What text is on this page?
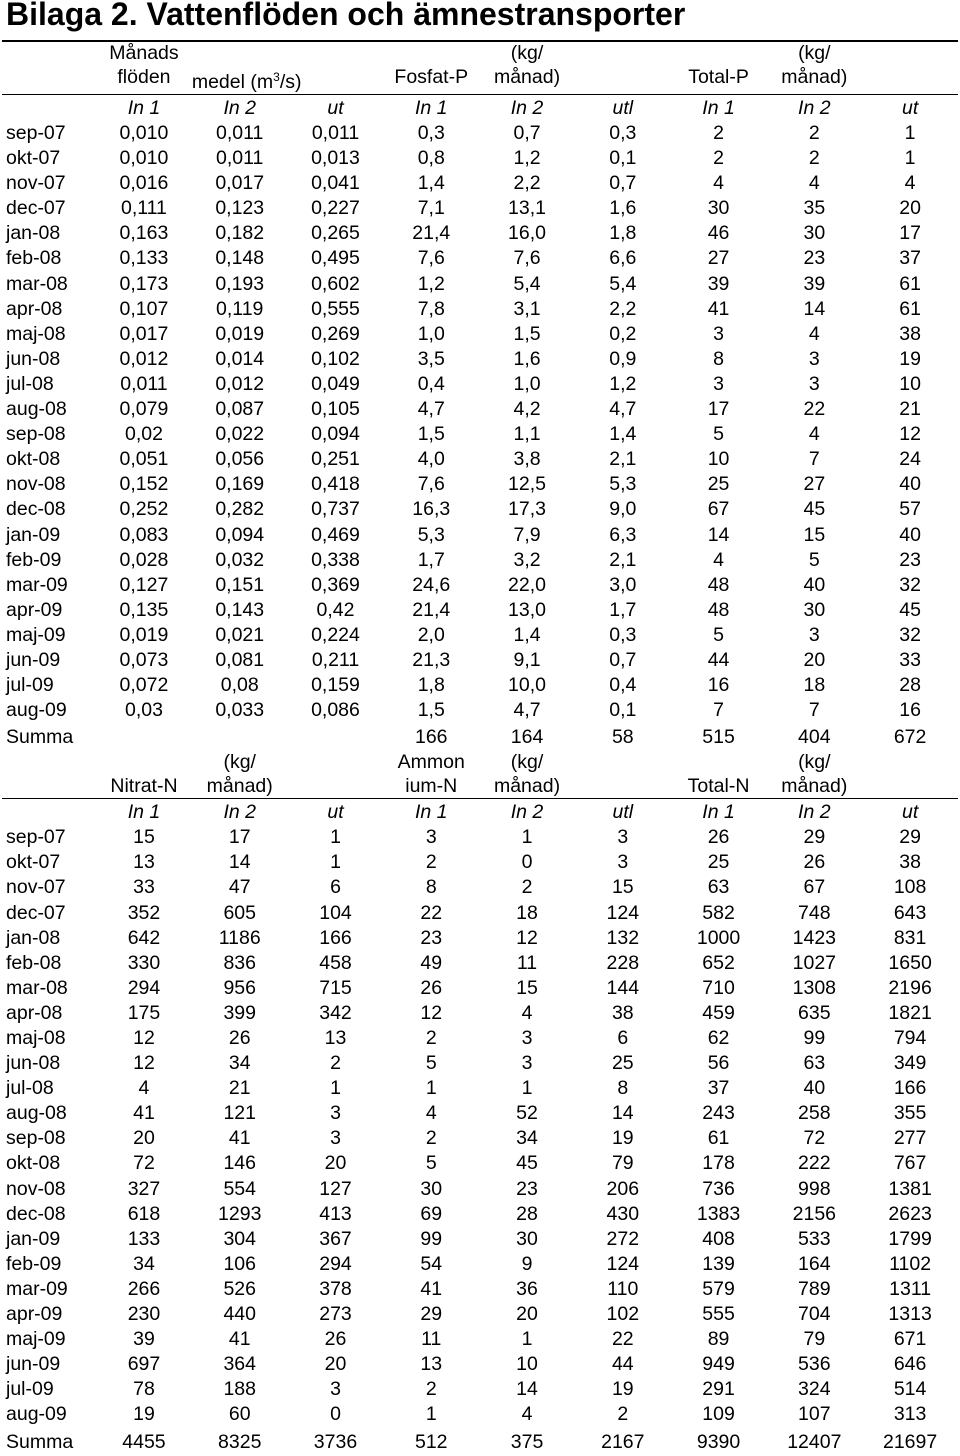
Bilaga 2. Vattenflöden och ämnestransporter
	Månads				(kg/			(kg/	
	flöden	medel $(m^3/s)$		Fosfat-P	månad)		Total-P	månad)	
	In 1	In 2	ut	In 1	In 2	utl	In 1	In 2	ut
sep-07	0,010	0,011	0,011	0,3	0,7	0,3	2	2	1
okt-07	0,010	0,011	0,013	0,8	1,2	0,1	2	2	1
nov-07	0,016	0,017	0,041	1,4	2,2	0,7	4	4	4
dec-07	0,111	0,123	0,227	7,1	13,1	1,6	30	35	20
jan-08	0,163	0,182	0,265	21,4	16,0	1,8	46	30	17
feb-08	0,133	0,148	0,495	7,6	7,6	6,6	27	23	37
mar-08	0,173	0,193	0,602	1,2	5,4	5,4	39	39	61
apr-08	0,107	0,119	0,555	7,8	3,1	2,2	41	14	61
maj-08	0,017	0,019	0,269	1,0	1,5	0,2	3	4	38
jun-08	0,012	0,014	0,102	3,5	1,6	0,9	8	3	19
jul-08	0,011	0,012	0,049	0,4	1,0	1,2	3	3	10
aug-08	0,079	0,087	0,105	4,7	4,2	4,7	17	22	21
sep-08	0,02	0,022	0,094	1,5	1,1	1,4	5	4	12
okt-08	0,051	0,056	0,251	4,0	3,8	2,1	10	7	24
nov-08	0,152	0,169	0,418	7,6	12,5	5,3	25	27	40
dec-08	0,252	0,282	0,737	16,3	17,3	9,0	67	45	57
jan-09	0,083	0,094	0,469	5,3	7,9	6,3	14	15	40
feb-09	0,028	0,032	0,338	1,7	3,2	2,1	4	5	23
mar-09	0,127	0,151	0,369	24,6	22,0	3,0	48	40	32
apr-09	0,135	0,143	0,42	21,4	13,0	1,7	48	30	45
maj-09	0,019	0,021	0,224	2,0	1,4	0,3	5	3	32
jun-09	0,073	0,081	0,211	21,3	9,1	0,7	44	20	33
jul-09	0,072	0,08	0,159	1,8	10,0	0,4	16	18	28
aug-09	0,03	0,033	0,086	1,5	4,7	0,1	7	7	16
Summa				166	164	58	515	404	672
		(kg/		Ammon	(kg/			(kg/	
	Nitrat-N	månad)		ium-N	månad)		Total-N	månad)	
	In 1	In 2	ut	In 1	In 2	utl	In 1	In 2	ut
sep-07	15	17	1	3	1	3	26	29	29
okt-07	13	14	1	2	0	3	25	26	38
nov-07	33	47	6	8	2	15	63	67	108
dec-07	352	605	104	22	18	124	582	748	643
jan-08	642	1186	166	23	12	132	1000	1423	831
feb-08	330	836	458	49	11	228	652	1027	1650
mar-08	294	956	715	26	15	144	710	1308	2196
apr-08	175	399	342	12	4	38	459	635	1821
maj-08	12	26	13	2	3	6	62	99	794
jun-08	12	34	2	5	3	25	56	63	349
jul-08	4	21	1	1	1	8	37	40	166
aug-08	41	121	3	4	52	14	243	258	355
sep-08	20	41	3	2	34	19	61	72	277
okt-08	72	146	20	5	45	79	178	222	767
nov-08	327	554	127	30	23	206	736	998	1381
dec-08	618	1293	413	69	28	430	1383	2156	2623
jan-09	133	304	367	99	30	272	408	533	1799
feb-09	34	106	294	54	9	124	139	164	1102
mar-09	266	526	378	41	36	110	579	789	1311
apr-09	230	440	273	29	20	102	555	704	1313
maj-09	39	41	26	11	1	22	89	79	671
jun-09	697	364	20	13	10	44	949	536	646
jul-09	78	188	3	2	14	19	291	324	514
aug-09	19	60	0	1	4	2	109	107	313
Summa	4455	8325	3736	512	375	2167	9390	12407	21697
